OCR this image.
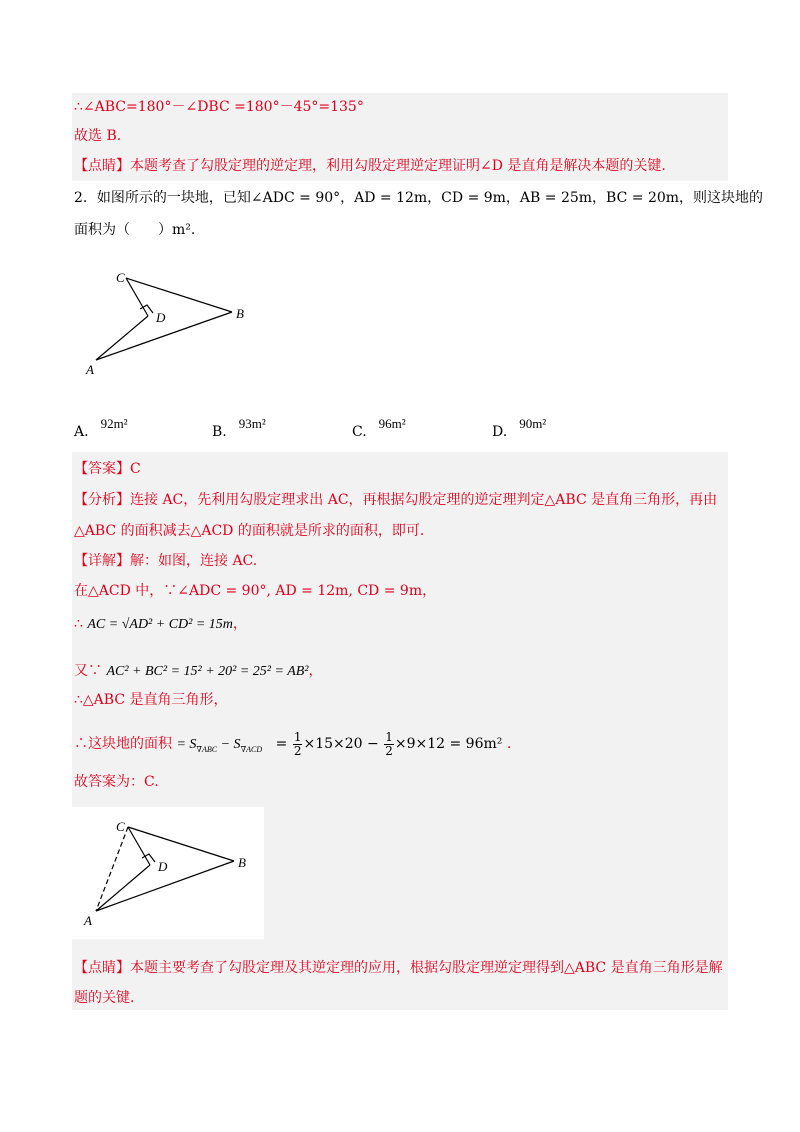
∴∠ABC=180°－∠DBC =180°－45°=135°
故选 B.
【点睛】本题考查了勾股定理的逆定理，利用勾股定理逆定理证明∠D 是直角是解决本题的关键.
2．如图所示的一块地，已知∠ADC = 90°，AD = 12m，CD = 9m，AB = 25m，BC = 20m，则这块地的
面积为（　　）m².
C
D	B
A
A.92m²
B.93m²
C.96m²
D.90m²
【答案】C
【分析】连接 AC，先利用勾股定理求出 AC，再根据勾股定理的逆定理判定△ABC 是直角三角形，再由
△ABC 的面积减去△ACD 的面积就是所求的面积，即可.
【详解】解：如图，连接 AC.
在△ACD 中，∵∠ADC = 90°, AD = 12m, CD = 9m，
∴ AC = √AD² + CD² = 15m，
又∵ AC² + BC² = 15² + 20² = 25² = AB²，
∴△ABC 是直角三角形，
∴这块地的面积 = $S_{\nabla ABC} - S_{\nabla ACD} = \frac{1}{2} \times 15\times 20 - \frac{1}{2} \times 9\times 12 = 96m^2$ .
故答案为：C.
C
D	B
A
【点睛】本题主要考查了勾股定理及其逆定理的应用，根据勾股定理逆定理得到△ABC 是直角三角形是解
题的关键.
